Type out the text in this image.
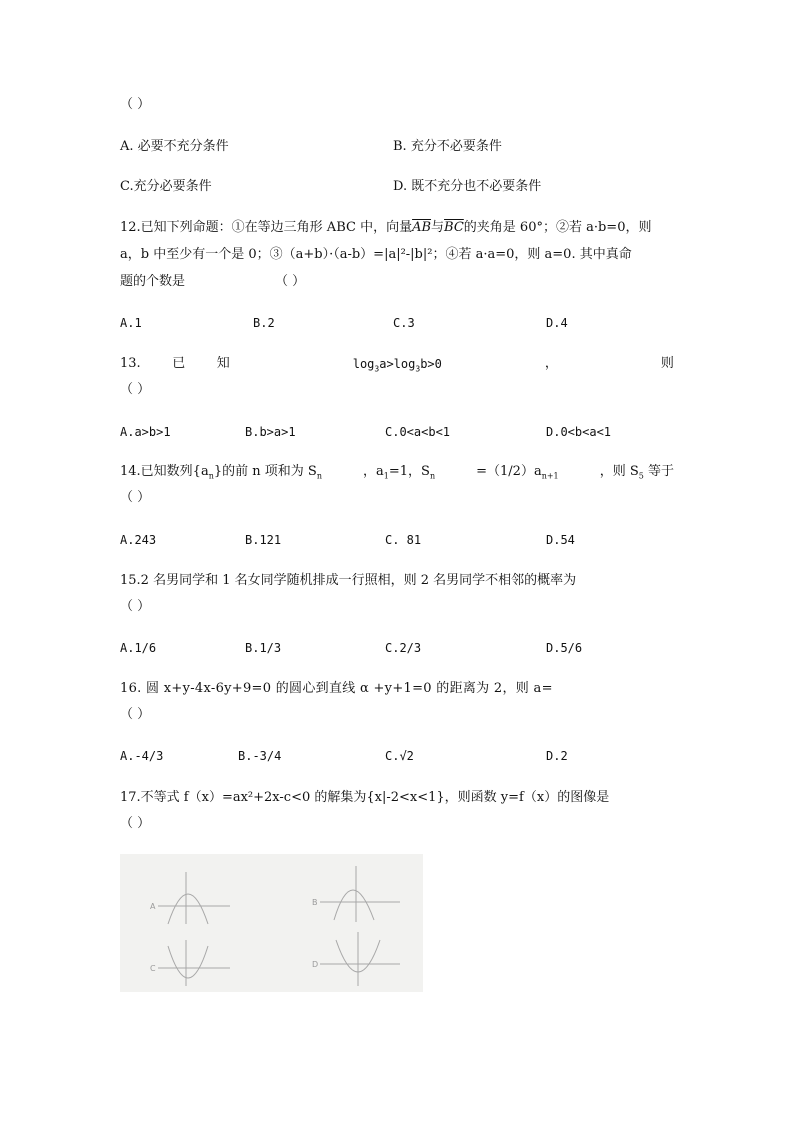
（ ）
A. 必要不充分条件	B. 充分不必要条件
C.充分必要条件	D. 既不充分也不必要条件
12.已知下列命题：①在等边三角形 ABC 中，向量$\overline{AB}$与$\overline{BC}$的夹角是 60°；②若 a·b=0，则
a，b 中至少有一个是 0；③（a+b）·（a-b）=|a|²-|b|²；④若 a·a=0，则 a=0. 其中真命
题的个数是	（ ）
A.1	B.2	C.3	D.4
13. 已 知	$\log_3a>\log_3b>0$	，	则
（ ）
A.a>b>1	B.b>a>1	C.0<a<b<1	D.0<b<a<1
14.已知数列$\{a_n\}$的前 n 项和为 $S_n$	，$a_1=1$，$S_n$	$=(1/2)a_{n+1}$	，则 $S_5$ 等于
（ ）
A.243	B.121	C. 81	D.54
15.2 名男同学和 1 名女同学随机排成一行照相，则 2 名男同学不相邻的概率为
（ ）
A.1/6	B.1/3	C.2/3	D.5/6
16. 圆 x+y-4x-6y+9=0 的圆心到直线 α +y+1=0 的距离为 2，则 a=
（ ）
A.-4/3	B.-3/4	C.√2	D.2
17.不等式 f（x）=ax²+2x-c<0 的解集为{x|-2<x<1}，则函数 y=f（x）的图像是
（ ）
A	B
C	D
